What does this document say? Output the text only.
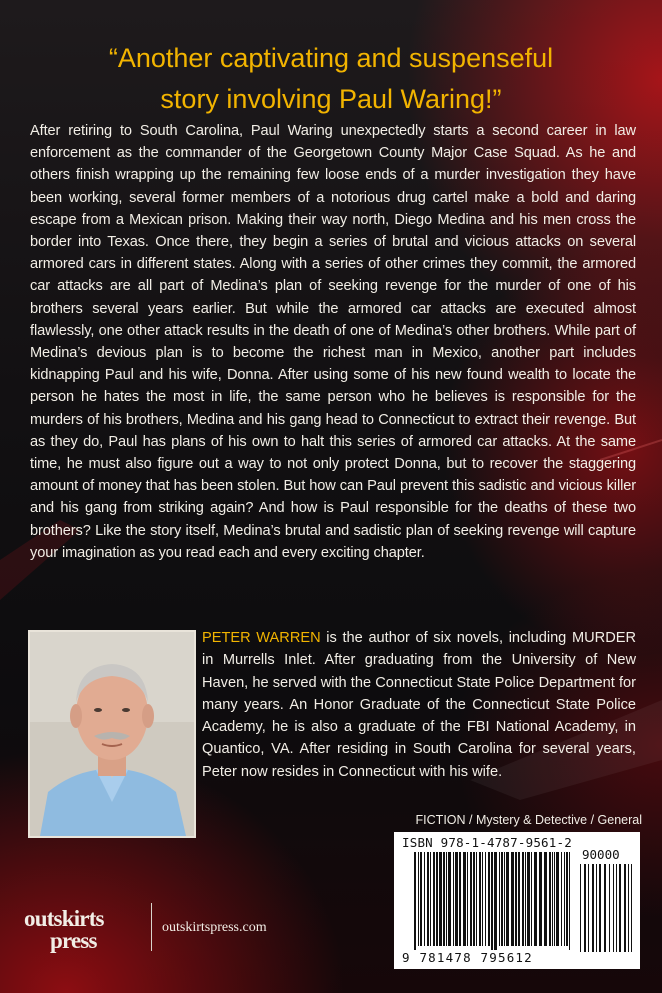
“Another captivating and suspenseful
story involving Paul Waring!”

After retiring to South Carolina, Paul Waring unexpectedly starts a second career in law enforcement as the commander of the Georgetown County Major Case Squad. As he and others finish wrapping up the remaining few loose ends of a murder investigation they have been working, several former members of a notorious drug cartel make a bold and daring escape from a Mexican prison. Making their way north, Diego Medina and his men cross the border into Texas. Once there, they begin a series of brutal and vicious attacks on several armored cars in different states. Along with a series of other crimes they commit, the armored car attacks are all part of Medina’s plan of seeking revenge for the murder of one of his brothers several years earlier. But while the armored car attacks are executed almost flawlessly, one other attack results in the death of one of Medina’s other brothers. While part of Medina’s devious plan is to become the richest man in Mexico, another part includes kidnapping Paul and his wife, Donna. After using some of his new found wealth to locate the person he hates the most in life, the same person who he believes is responsible for the murders of his brothers, Medina and his gang head to Connecticut to extract their revenge. But as they do, Paul has plans of his own to halt this series of armored car attacks. At the same time, he must also figure out a way to not only protect Donna, but to recover the staggering amount of money that has been stolen. But how can Paul prevent this sadistic and vicious killer and his gang from striking again? And how is Paul responsible for the deaths of these two brothers? Like the story itself, Medina’s brutal and sadistic plan of seeking revenge will capture your imagination as you read each and every exciting chapter.

PETER WARREN is the author of six novels, including MURDER in Murrells Inlet. After graduating from the University of New Haven, he served with the Connecticut State Police Department for many years. An Honor Graduate of the Connecticut State Police Academy, he is also a graduate of the FBI National Academy, in Quantico, VA. After residing in South Carolina for several years, Peter now resides in Connecticut with his wife.

FICTION / Mystery & Detective / General
ISBN 978-1-4787-9561-2
90000
9 781478 795612
outskirts
press
outskirtspress.com
